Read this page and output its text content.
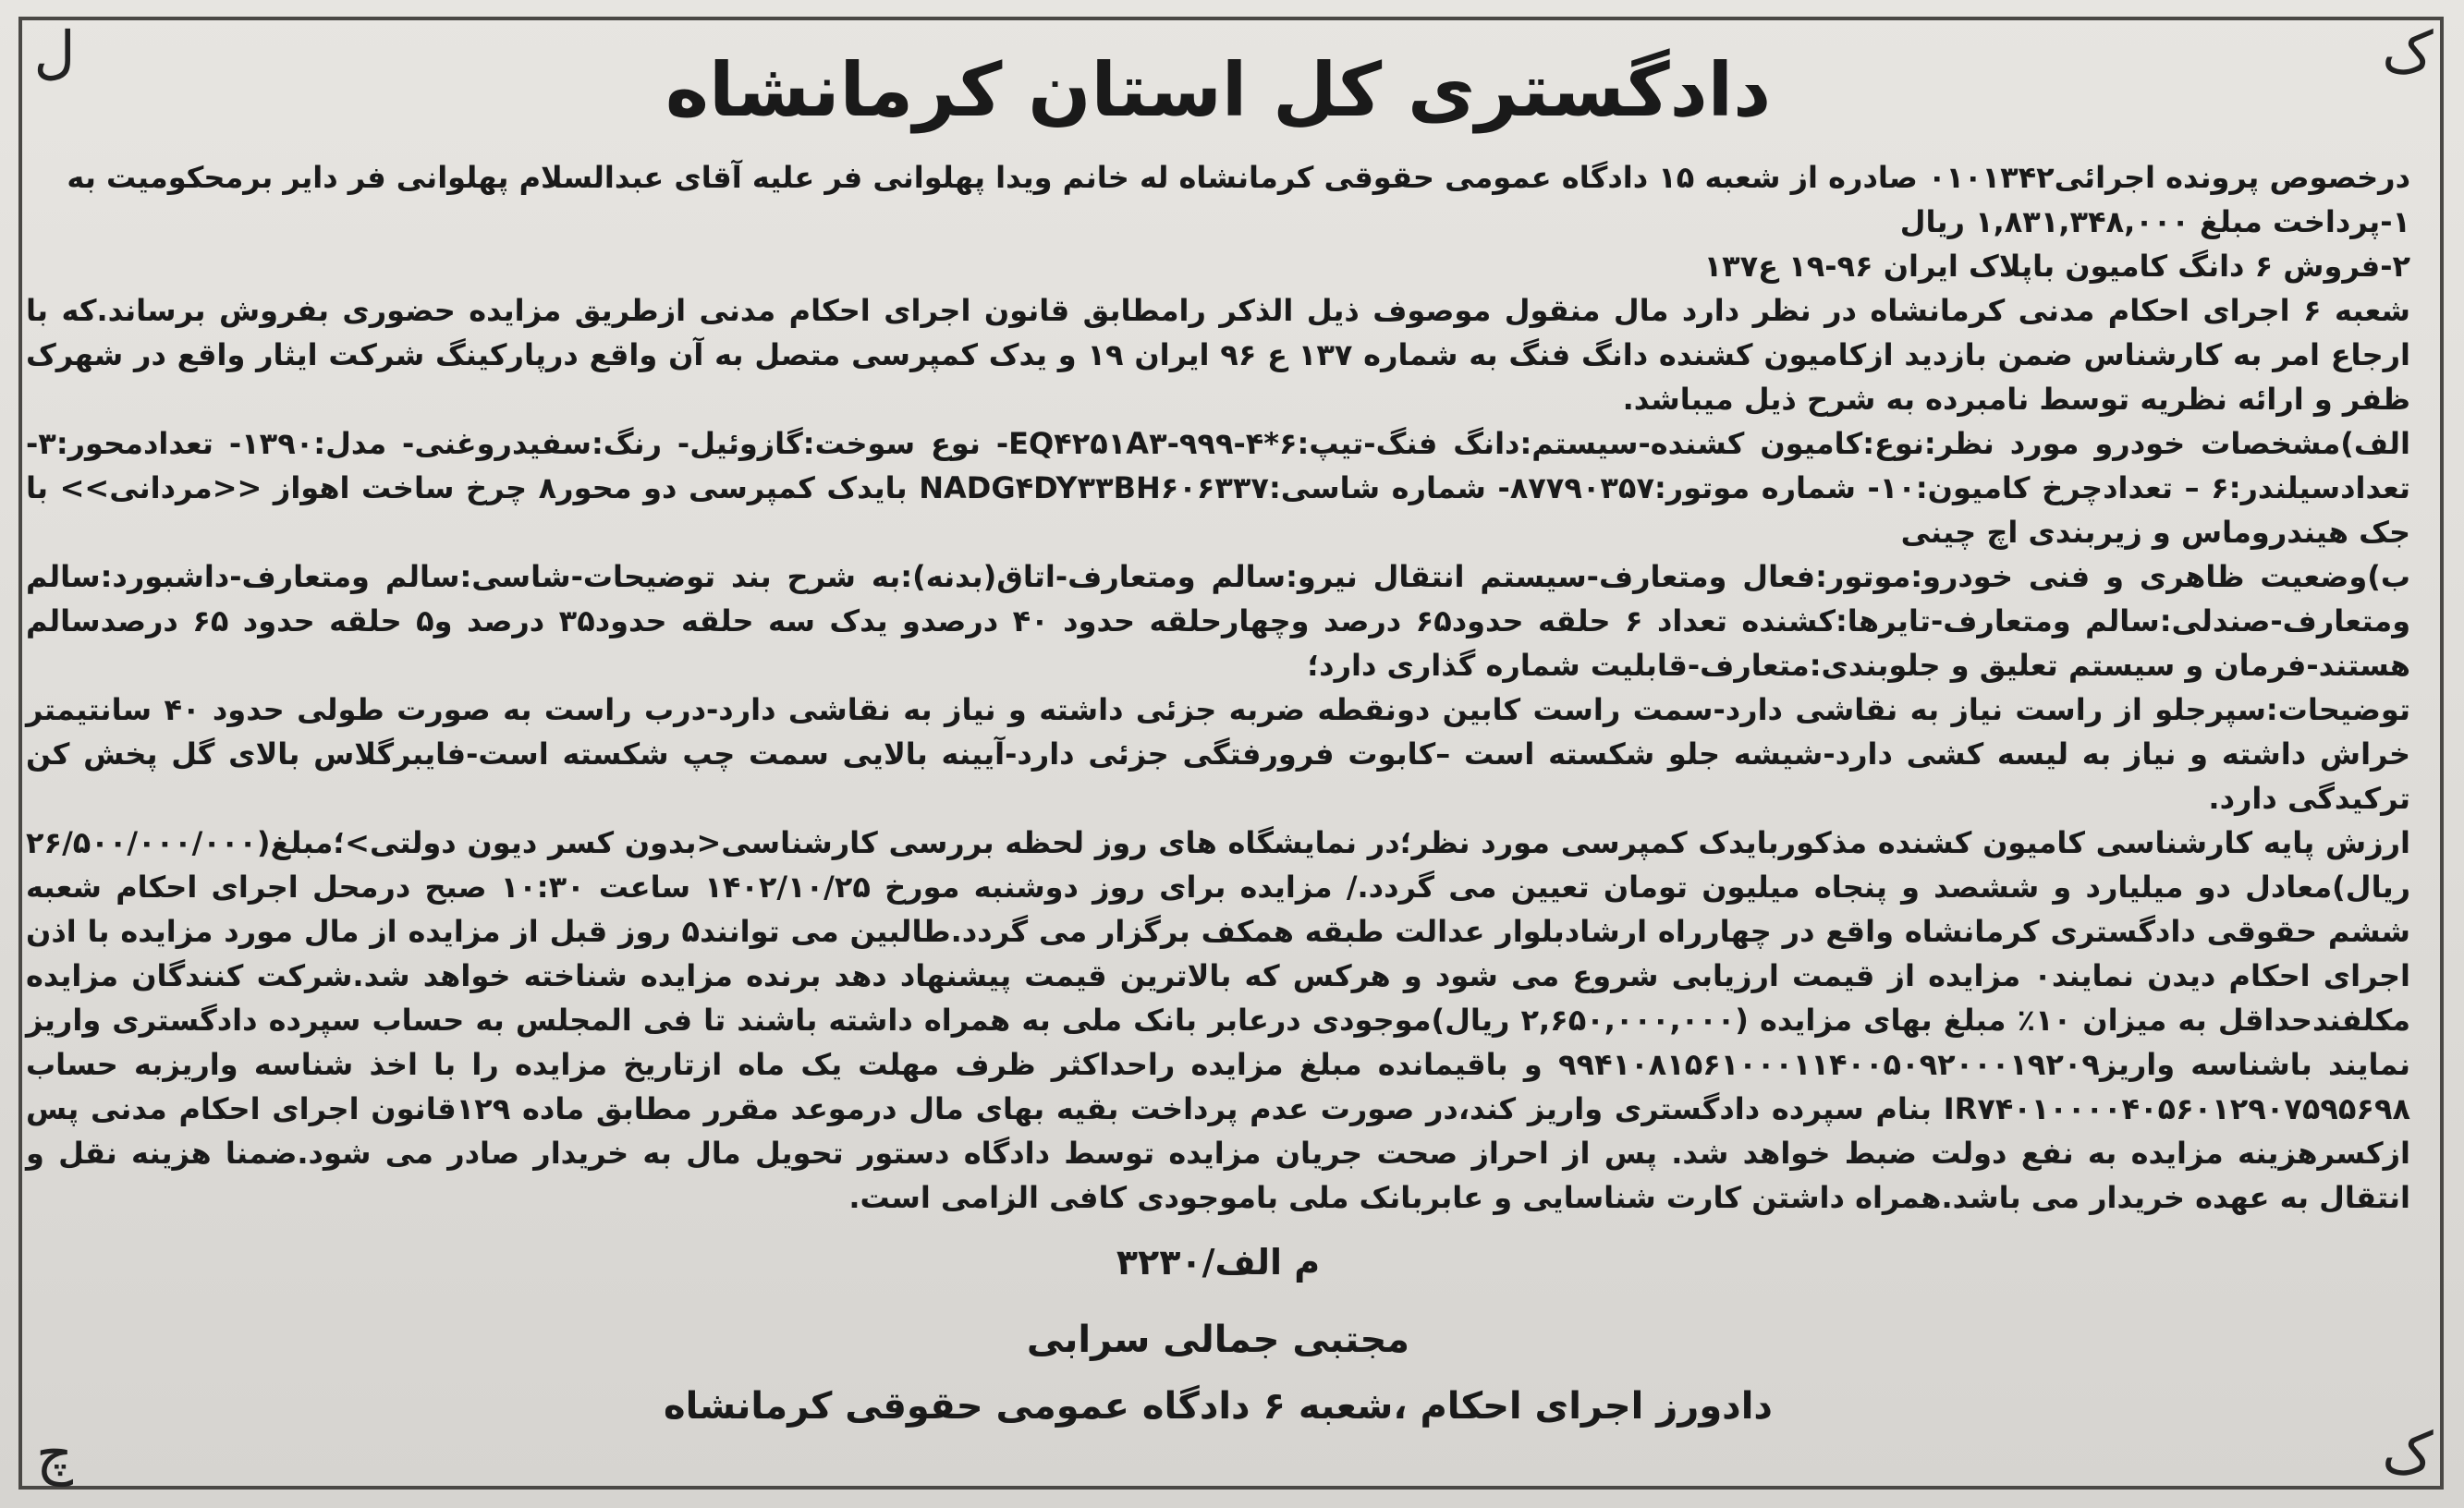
ل	ک
چ	ک
دادگستری کل استان کرمانشاه

درخصوص پرونده اجرائی۰۱۰۱۳۴۲ صادره از شعبه ۱۵ دادگاه عمومی حقوقی کرمانشاه له خانم ویدا پهلوانی فر علیه آقای عبدالسلام پهلوانی فر دایر برمحکومیت به

۱-پرداخت مبلغ ۱,۸۳۱,۳۴۸,۰۰۰ ریال
۲-فروش ۶ دانگ کامیون باپلاک ایران ۹۶-۱۹ ع۱۳۷

شعبه ۶ اجرای احکام مدنی کرمانشاه در نظر دارد مال منقول موصوف ذیل الذکر رامطابق قانون اجرای احکام مدنی ازطریق مزایده حضوری بفروش برساند.که با ارجاع امر به کارشناس ضمن بازدید ازکامیون کشنده دانگ فنگ به شماره ۱۳۷ ع ۹۶ ایران ۱۹ و یدک کمپرسی متصل به آن واقع درپارکینگ شرکت ایثار واقع در شهرک ظفر و ارائه نظریه توسط نامبرده به شرح ذیل میباشد.

الف)مشخصات خودرو مورد نظر:نوع:کامیون کشنده-سیستم:دانگ فنگ-تیپ:EQ۴۲۵۱A۳-۹۹۹-۴*۶- نوع سوخت:گازوئیل- رنگ:سفیدروغنی- مدل:۱۳۹۰- تعدادمحور:۳-تعدادسیلندر:۶ – تعدادچرخ کامیون:۱۰- شماره موتور:۸۷۷۹۰۳۵۷- شماره شاسی:NADG۴DY۳۳BH۶۰۶۳۳۷ بایدک کمپرسی دو محور۸ چرخ ساخت اهواز <<مردانی>> با جک هیندروماس و زیربندی اچ چینی

ب)وضعیت ظاهری و فنی خودرو:موتور:فعال ومتعارف-سیستم انتقال نیرو:سالم ومتعارف-اتاق(بدنه):به شرح بند توضیحات-شاسی:سالم ومتعارف-داشبورد:سالم ومتعارف-صندلی:سالم ومتعارف-تایرها:کشنده تعداد ۶ حلقه حدود۶۵ درصد وچهارحلقه حدود ۴۰ درصدو یدک سه حلقه حدود۳۵ درصد و۵ حلقه حدود ۶۵ درصدسالم هستند-فرمان و سیستم تعلیق و جلوبندی:متعارف-قابلیت شماره گذاری دارد؛

توضیحات:سپرجلو از راست نیاز به نقاشی دارد-سمت راست کابین دونقطه ضربه جزئی داشته و نیاز به نقاشی دارد-درب راست به صورت طولی حدود ۴۰ سانتیمتر خراش داشته و نیاز به لیسه کشی دارد-شیشه جلو شکسته است –کابوت فرورفتگی جزئی دارد-آیینه بالایی سمت چپ شکسته است-فایبرگلاس بالای گل پخش کن ترکیدگی دارد.

ارزش پایه کارشناسی کامیون کشنده مذکوربایدک کمپرسی مورد نظر؛در نمایشگاه های روز لحظه بررسی کارشناسی<بدون کسر دیون دولتی>؛مبلغ(۲۶/۵۰۰/۰۰۰/۰۰۰ ریال)معادل دو میلیارد و ششصد و پنجاه میلیون تومان تعیین می گردد./ مزایده برای روز دوشنبه مورخ ۱۴۰۲/۱۰/۲۵ ساعت ۱۰:۳۰ صبح درمحل اجرای احکام شعبه ششم حقوقی دادگستری کرمانشاه واقع در چهارراه ارشادبلوار عدالت طبقه همکف برگزار می گردد.طالبین می توانند۵ روز قبل از مزایده از مال مورد مزایده با اذن اجرای احکام دیدن نمایند۰ مزایده از قیمت ارزیابی شروع می شود و هرکس که بالاترین قیمت پیشنهاد دهد برنده مزایده شناخته خواهد شد.شرکت کنندگان مزایده مکلفندحداقل به میزان ۱۰٪ مبلغ بهای مزایده (۲,۶۵۰,۰۰۰,۰۰۰ ریال)موجودی درعابر بانک ملی به همراه داشته باشند تا فی المجلس به حساب سپرده دادگستری واریز نمایند باشناسه واریز۹۹۴۱۰۸۱۵۶۱۰۰۰۱۱۴۰۰۵۰۹۲۰۰۰۱۹۲۰۹ و باقیمانده مبلغ مزایده راحداکثر ظرف مهلت یک ماه ازتاریخ مزایده را با اخذ شناسه واریزبه حساب IR۷۴۰۱۰۰۰۰۴۰۵۶۰۱۲۹۰۷۵۹۵۶۹۸ بنام سپرده دادگستری واریز کند،در صورت عدم پرداخت بقیه بهای مال درموعد مقرر مطابق ماده ۱۲۹قانون اجرای احکام مدنی پس ازکسرهزینه مزایده به نفع دولت ضبط خواهد شد. پس از احراز صحت جریان مزایده توسط دادگاه دستور تحویل مال به خریدار صادر می شود.ضمنا هزینه نقل و انتقال به عهده خریدار می باشد.همراه داشتن کارت شناسایی و عابربانک ملی باموجودی کافی الزامی است.

م الف/۳۲۳۰
مجتبی جمالی سرابی
دادورز اجرای احکام ،شعبه ۶ دادگاه عمومی حقوقی کرمانشاه
